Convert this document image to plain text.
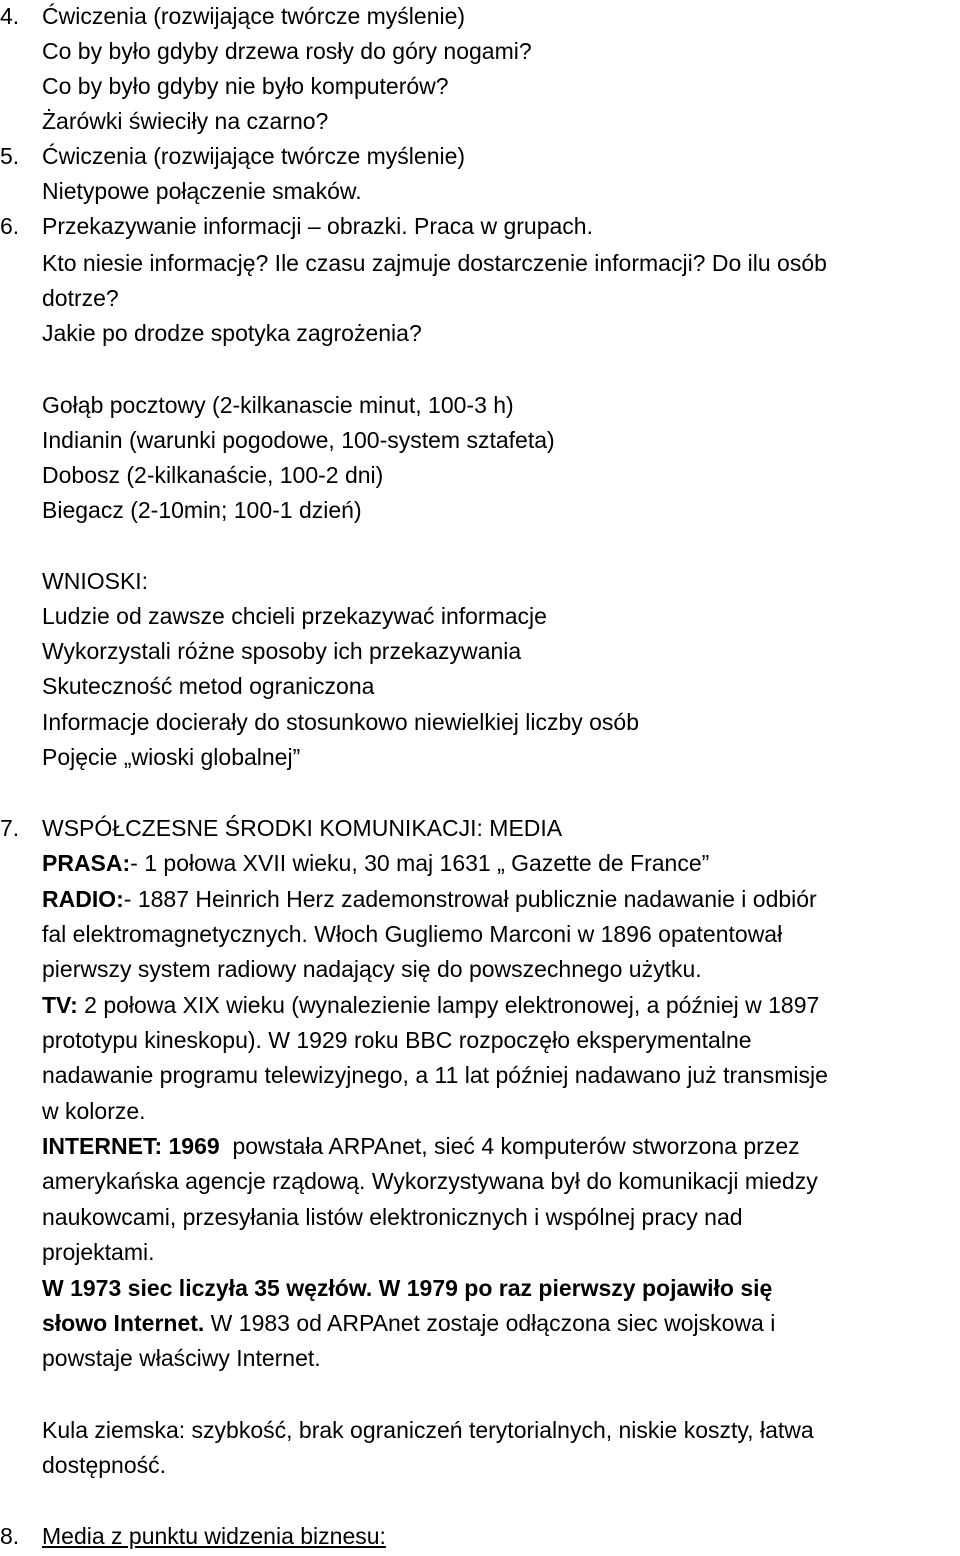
4. Ćwiczenia (rozwijające twórcze myślenie)
Co by było gdyby drzewa rosły do góry nogami?
Co by było gdyby nie było komputerów?
Żarówki świeciły na czarno?
5. Ćwiczenia (rozwijające twórcze myślenie)
Nietypowe połączenie smaków.
6. Przekazywanie informacji – obrazki. Praca w grupach.
Kto niesie informację? Ile czasu zajmuje dostarczenie informacji? Do ilu osób
dotrze?
Jakie po drodze spotyka zagrożenia?
Gołąb pocztowy (2-kilkanascie minut, 100-3 h)
Indianin (warunki pogodowe, 100-system sztafeta)
Dobosz (2-kilkanaście, 100-2 dni)
Biegacz (2-10min; 100-1 dzień)
WNIOSKI:
Ludzie od zawsze chcieli przekazywać informacje
Wykorzystali różne sposoby ich przekazywania
Skuteczność metod ograniczona
Informacje docierały do stosunkowo niewielkiej liczby osób
Pojęcie „wioski globalnej”
7. WSPÓŁCZESNE ŚRODKI KOMUNIKACJI: MEDIA
PRASA:- 1 połowa XVII wieku, 30 maj 1631 „ Gazette de France”
RADIO:- 1887 Heinrich Herz zademonstrował publicznie nadawanie i odbiór
fal elektromagnetycznych. Włoch Gugliemo Marconi w 1896 opatentował
pierwszy system radiowy nadający się do powszechnego użytku.
TV: 2 połowa XIX wieku (wynalezienie lampy elektronowej, a później w 1897
prototypu kineskopu). W 1929 roku BBC rozpoczęło eksperymentalne
nadawanie programu telewizyjnego, a 11 lat później nadawano już transmisje
w kolorze.
INTERNET: 1969  powstała ARPAnet, sieć 4 komputerów stworzona przez
amerykańska agencje rządową. Wykorzystywana był do komunikacji miedzy
naukowcami, przesyłania listów elektronicznych i wspólnej pracy nad
projektami.
W 1973 siec liczyła 35 węzłów. W 1979 po raz pierwszy pojawiło się
słowo Internet. W 1983 od ARPAnet zostaje odłączona siec wojskowa i
powstaje właściwy Internet.
Kula ziemska: szybkość, brak ograniczeń terytorialnych, niskie koszty, łatwa
dostępność.
8. Media z punktu widzenia biznesu:
